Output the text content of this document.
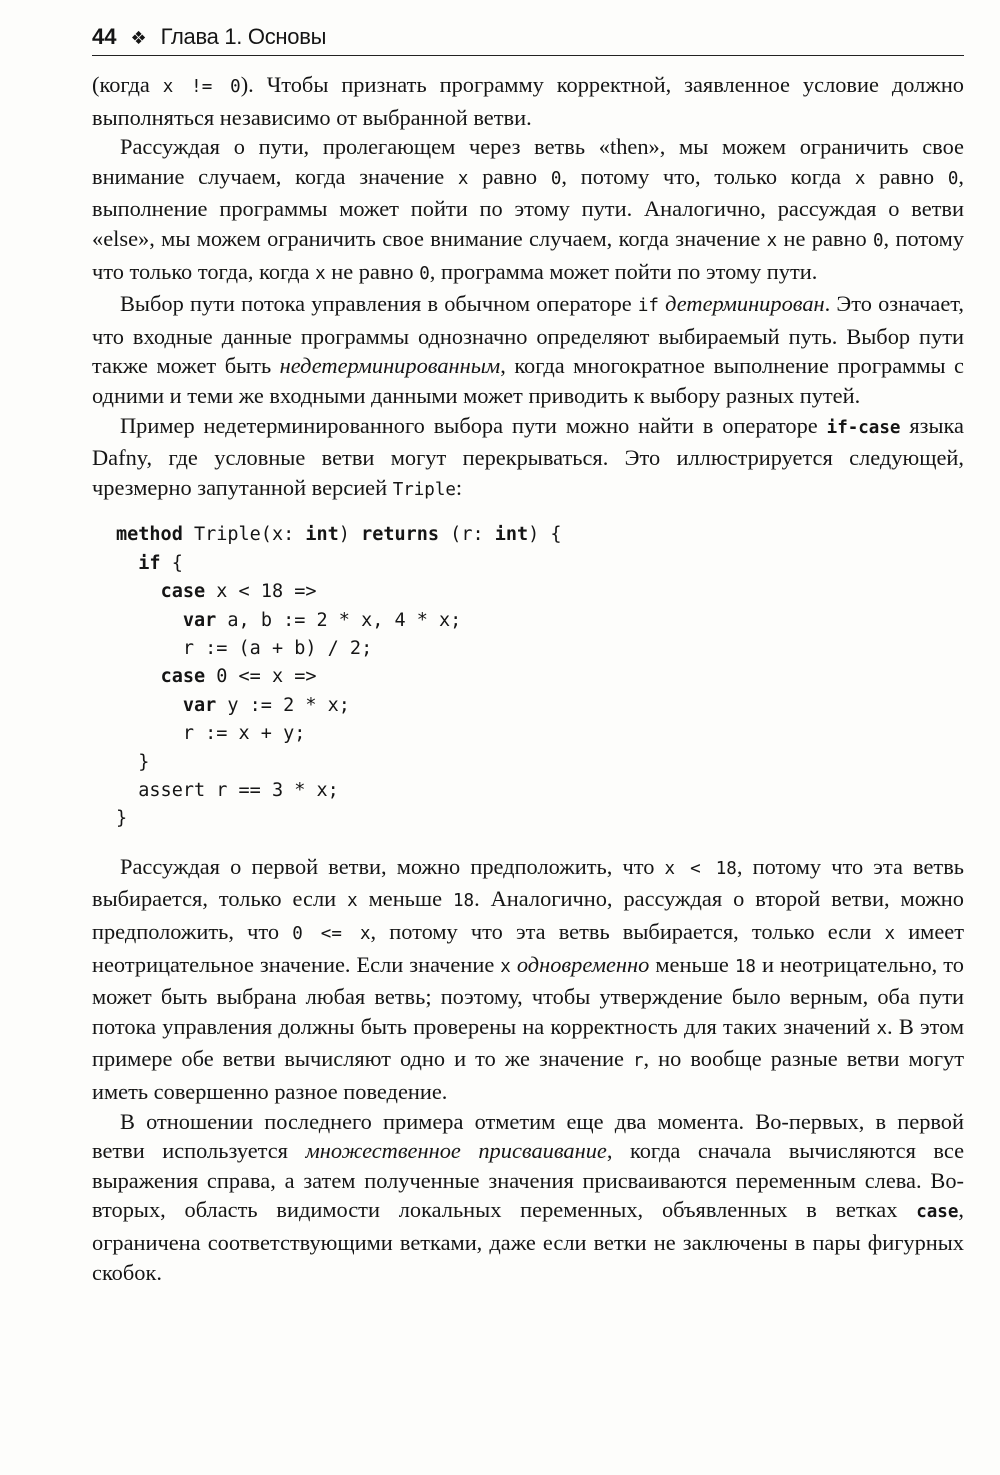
44 ❖ Глава 1. Основы

(когда x != 0). Чтобы признать программу корректной, заявленное условие должно выполняться независимо от выбранной ветви.

Рассуждая о пути, пролегающем через ветвь «then», мы можем ограничить свое внимание случаем, когда значение x равно 0, потому что, только когда x равно 0, выполнение программы может пойти по этому пути. Аналогично, рассуждая о ветви «else», мы можем ограничить свое внимание случаем, когда значение x не равно 0, потому что только тогда, когда x не равно 0, программа может пойти по этому пути.

Выбор пути потока управления в обычном операторе if детерминирован. Это означает, что входные данные программы однозначно определяют выбираемый путь. Выбор пути также может быть недетерминированным, когда многократное выполнение программы с одними и теми же входными данными может приводить к выбору разных путей.

Пример недетерминированного выбора пути можно найти в операторе if-case языка Dafny, где условные ветви могут перекрываться. Это иллюстрируется следующей, чрезмерно запутанной версией Triple:

method Triple(x: int) returns (r: int) {
if {
case x < 18 =>
var a, b := 2 * x, 4 * x;
r := (a + b) / 2;
case 0 <= x =>
var y := 2 * x;
r := x + y;
}
assert r == 3 * x;
}

Рассуждая о первой ветви, можно предположить, что x < 18, потому что эта ветвь выбирается, только если x меньше 18. Аналогично, рассуждая о второй ветви, можно предположить, что 0 <= x, потому что эта ветвь выбирается, только если x имеет неотрицательное значение. Если значение x одновременно меньше 18 и неотрицательно, то может быть выбрана любая ветвь; поэтому, чтобы утверждение было верным, оба пути потока управления должны быть проверены на корректность для таких значений x. В этом примере обе ветви вычисляют одно и то же значение r, но вообще разные ветви могут иметь совершенно разное поведение.

В отношении последнего примера отметим еще два момента. Во-первых, в первой ветви используется множественное присваивание, когда сначала вычисляются все выражения справа, а затем полученные значения присваиваются переменным слева. Во-вторых, область видимости локальных переменных, объявленных в ветках case, ограничена соответствующими ветками, даже если ветки не заключены в пары фигурных скобок.
